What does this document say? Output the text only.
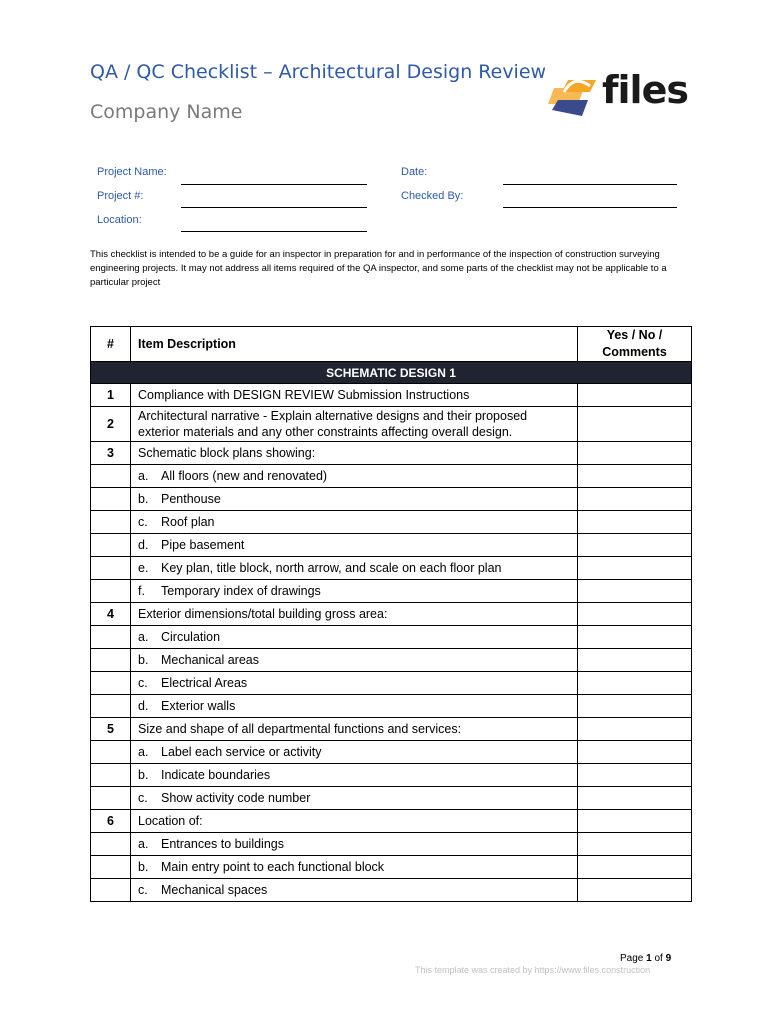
QA / QC Checklist – Architectural Design Review
Company Name	files
Project Name:
Project #:
Location:
Date:
Checked By:
This checklist is intended to be a guide for an inspector in preparation for and in performance of the inspection of construction surveying engineering projects. It may not address all items required of the QA inspector, and some parts of the checklist may not be applicable to a particular project
#	Item Description	Yes / No / Comments
SCHEMATIC DESIGN 1		
1	Compliance with DESIGN REVIEW Submission Instructions	
2	Architectural narrative - Explain alternative designs and their proposed exterior materials and any other constraints affecting overall design.	
3	Schematic block plans showing:	
	a. All floors (new and renovated)	
	b. Penthouse	
	c. Roof plan	
	d. Pipe basement	
	e. Key plan, title block, north arrow, and scale on each floor plan	
	f. Temporary index of drawings	
4	Exterior dimensions/total building gross area:	
	a. Circulation	
	b. Mechanical areas	
	c. Electrical Areas	
	d. Exterior walls	
5	Size and shape of all departmental functions and services:	
	a. Label each service or activity	
	b. Indicate boundaries	
	c. Show activity code number	
6	Location of:	
	a. Entrances to buildings	
	b. Main entry point to each functional block	
	c. Mechanical spaces	
Page 1 of 9
This template was created by https://www.files.construction
